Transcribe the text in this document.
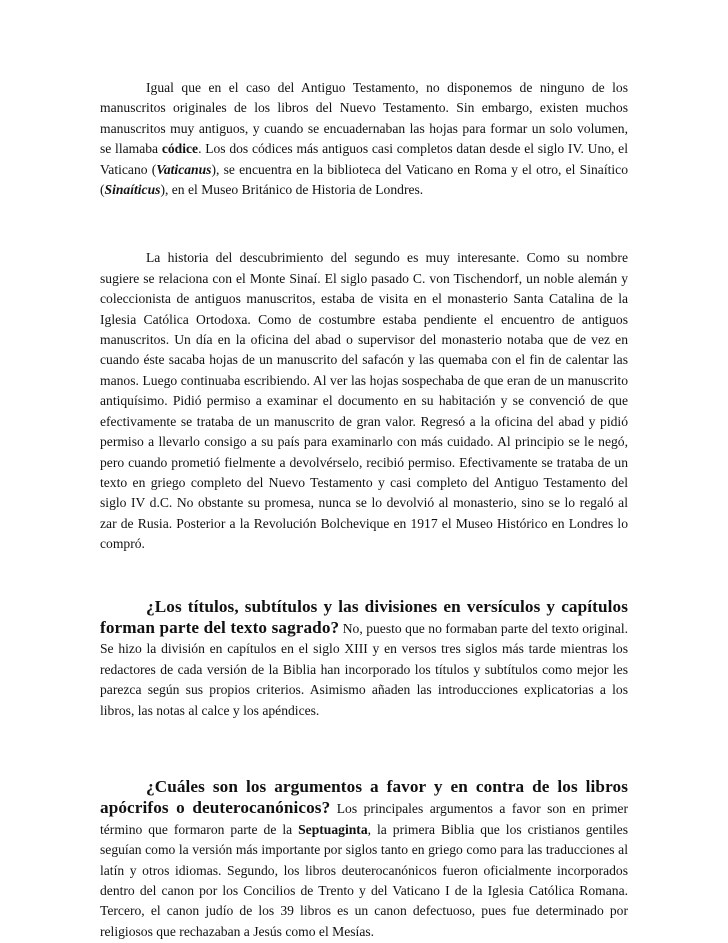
Igual que en el caso del Antiguo Testamento, no disponemos de ninguno de los manuscritos originales de los libros del Nuevo Testamento. Sin embargo, existen muchos manuscritos muy antiguos, y cuando se encuadernaban las hojas para formar un solo volumen, se llamaba códice. Los dos códices más antiguos casi completos datan desde el siglo IV. Uno, el Vaticano (Vaticanus), se encuentra en la biblioteca del Vaticano en Roma y el otro, el Sinaítico (Sinaíticus), en el Museo Británico de Historia de Londres.

La historia del descubrimiento del segundo es muy interesante. Como su nombre sugiere se relaciona con el Monte Sinaí. El siglo pasado C. von Tischendorf, un noble alemán y coleccionista de antiguos manuscritos, estaba de visita en el monasterio Santa Catalina de la Iglesia Católica Ortodoxa. Como de costumbre estaba pendiente el encuentro de antiguos manuscritos. Un día en la oficina del abad o supervisor del monasterio notaba que de vez en cuando éste sacaba hojas de un manuscrito del safacón y las quemaba con el fin de calentar las manos. Luego continuaba escribiendo. Al ver las hojas sospechaba de que eran de un manuscrito antiquísimo. Pidió permiso a examinar el documento en su habitación y se convenció de que efectivamente se trataba de un manuscrito de gran valor. Regresó a la oficina del abad y pidió permiso a llevarlo consigo a su país para examinarlo con más cuidado. Al principio se le negó, pero cuando prometió fielmente a devolvérselo, recibió permiso. Efectivamente se trataba de un texto en griego completo del Nuevo Testamento y casi completo del Antiguo Testamento del siglo IV d.C. No obstante su promesa, nunca se lo devolvió al monasterio, sino se lo regaló al zar de Rusia. Posterior a la Revolución Bolchevique en 1917 el Museo Histórico en Londres lo compró.

¿Los títulos, subtítulos y las divisiones en versículos y capítulos forman parte del texto sagrado? No, puesto que no formaban parte del texto original. Se hizo la división en capítulos en el siglo XIII y en versos tres siglos más tarde mientras los redactores de cada versión de la Biblia han incorporado los títulos y subtítulos como mejor les parezca según sus propios criterios. Asimismo añaden las introducciones explicatorias a los libros, las notas al calce y los apéndices.

¿Cuáles son los argumentos a favor y en contra de los libros apócrifos o deuterocanónicos? Los principales argumentos a favor son en primer término que formaron parte de la Septuaginta, la primera Biblia que los cristianos gentiles seguían como la versión más importante por siglos tanto en griego como para las traducciones al latín y otros idiomas. Segundo, los libros deuterocanónicos fueron oficialmente incorporados dentro del canon por los Concilios de Trento y del Vaticano I de la Iglesia Católica Romana. Tercero, el canon judío de los 39 libros es un canon defectuoso, pues fue determinado por religiosos que rechazaban a Jesús como el Mesías.
